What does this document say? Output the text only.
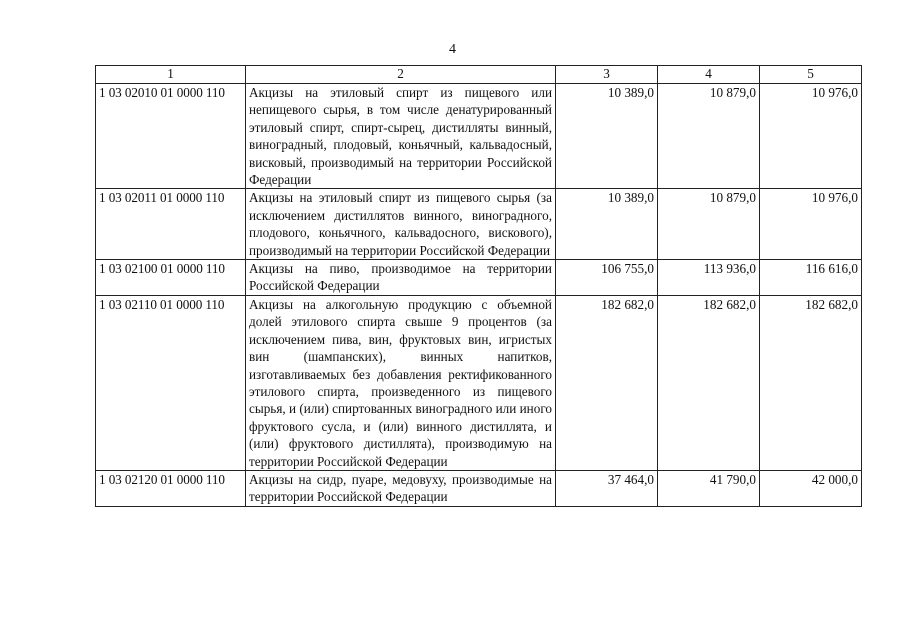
4
1	2	3	4	5
1 03 02010 01 0000 110	Акцизы на этиловый спирт из пищевого или непищевого сырья, в том числе денатурированный этиловый спирт, спирт-сырец, дистилляты винный, виноградный, плодовый, коньячный, кальвадосный, висковый, производимый на территории Российской Федерации	10 389,0	10 879,0	10 976,0
1 03 02011 01 0000 110	Акцизы на этиловый спирт из пищевого сырья (за исключением дистиллятов винного, виноградного, плодового, коньячного, кальвадосного, вискового), производимый на территории Российской Федерации	10 389,0	10 879,0	10 976,0
1 03 02100 01 0000 110	Акцизы на пиво, производимое на территории Российской Федерации	106 755,0	113 936,0	116 616,0
1 03 02110 01 0000 110	Акцизы на алкогольную продукцию с объемной долей этилового спирта свыше 9 процентов (за исключением пива, вин, фруктовых вин, игристых вин (шампанских), винных напитков, изготавливаемых без добавления ректификованного этилового спирта, произведенного из пищевого сырья, и (или) спиртованных виноградного или иного фруктового сусла, и (или) винного дистиллята, и (или) фруктового дистиллята), производимую на территории Российской Федерации	182 682,0	182 682,0	182 682,0
1 03 02120 01 0000 110	Акцизы на сидр, пуаре, медовуху, производимые на территории Российской Федерации	37 464,0	41 790,0	42 000,0
